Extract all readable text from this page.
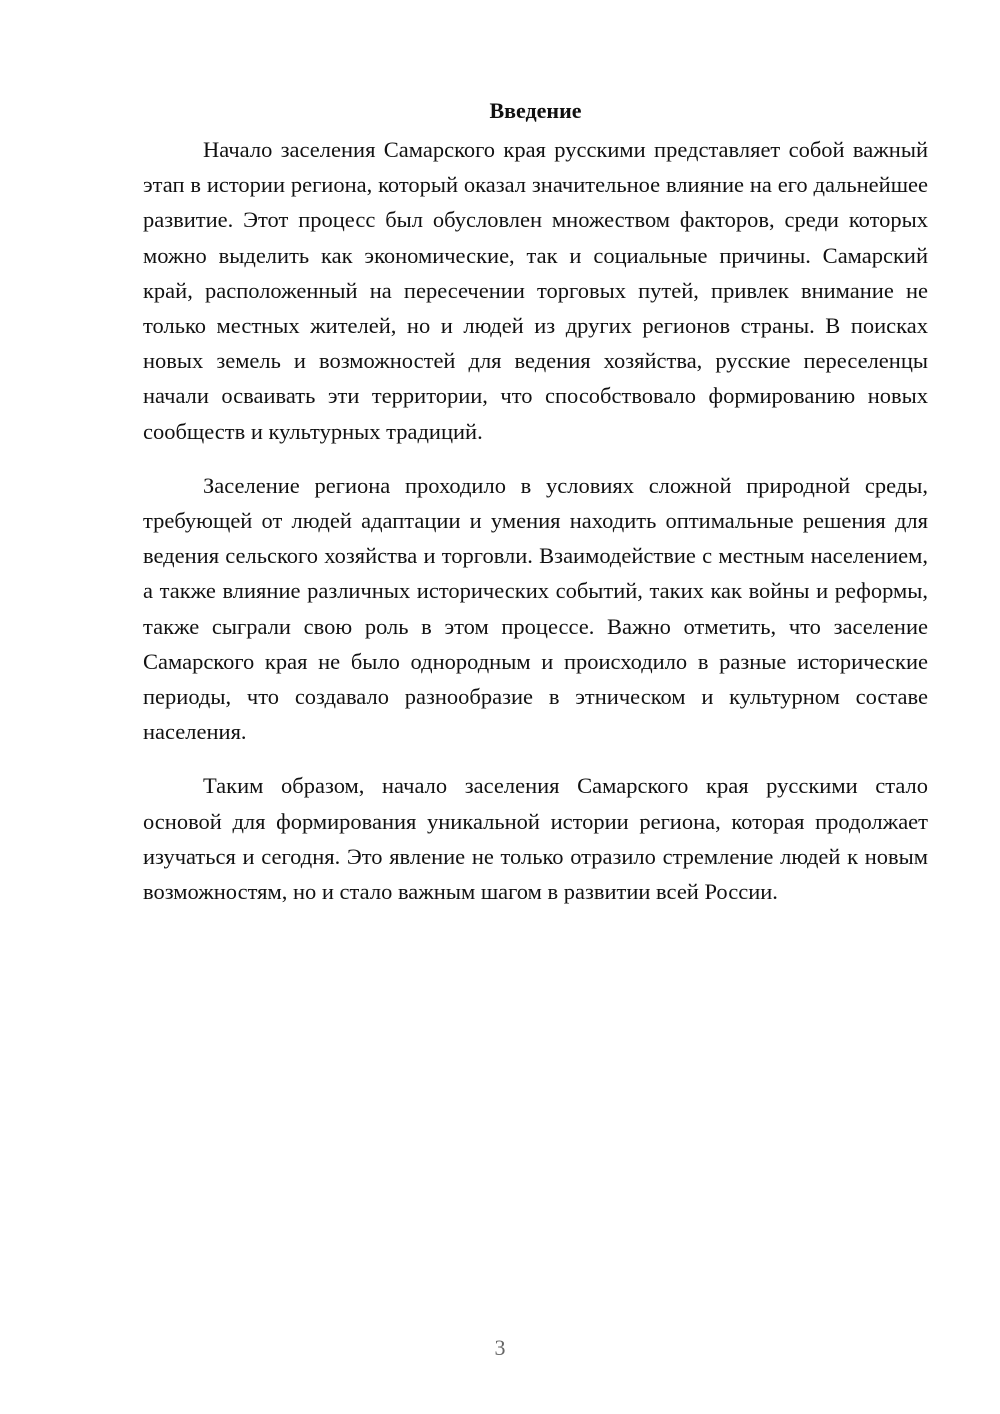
Введение

Начало заселения Самарского края русскими представляет собой важный этап в истории региона, который оказал значительное влияние на его дальнейшее развитие. Этот процесс был обусловлен множеством факторов, среди которых можно выделить как экономические, так и социальные причины. Самарский край, расположенный на пересечении торговых путей, привлек внимание не только местных жителей, но и людей из других регионов страны. В поисках новых земель и возможностей для ведения хозяйства, русские переселенцы начали осваивать эти территории, что способствовало формированию новых сообществ и культурных традиций.

Заселение региона проходило в условиях сложной природной среды, требующей от людей адаптации и умения находить оптимальные решения для ведения сельского хозяйства и торговли. Взаимодействие с местным населением, а также влияние различных исторических событий, таких как войны и реформы, также сыграли свою роль в этом процессе. Важно отметить, что заселение Самарского края не было однородным и происходило в разные исторические периоды, что создавало разнообразие в этническом и культурном составе населения.

Таким образом, начало заселения Самарского края русскими стало основой для формирования уникальной истории региона, которая продолжает изучаться и сегодня. Это явление не только отразило стремление людей к новым возможностям, но и стало важным шагом в развитии всей России.

3
